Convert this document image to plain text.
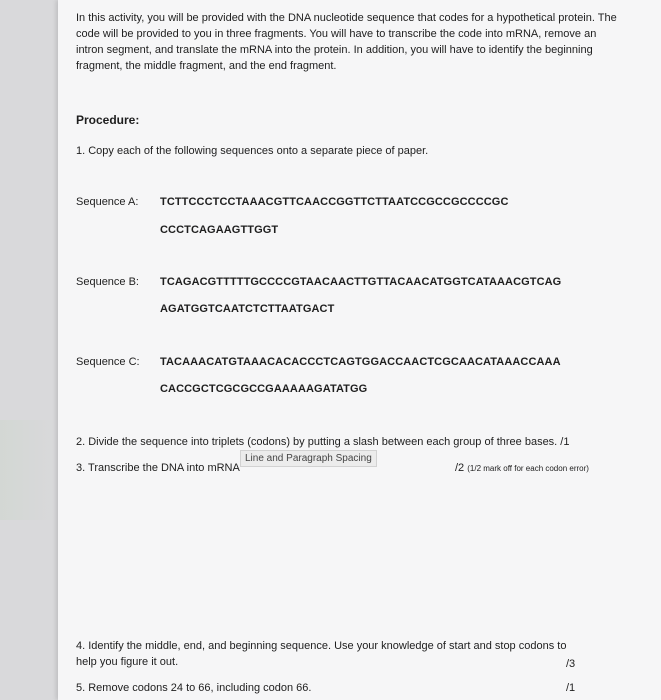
In this activity, you will be provided with the DNA nucleotide sequence that codes for a hypothetical protein. The code will be provided to you in three fragments. You will have to transcribe the code into mRNA, remove an intron segment, and translate the mRNA into the protein. In addition, you will have to identify the beginning fragment, the middle fragment, and the end fragment.
Procedure:
1. Copy each of the following sequences onto a separate piece of paper.
Sequence A: TCTTCCCTCCTAAACGTTCAACCGGTTCTTAATCCGCCGCCCCGC
CCCTCAGAAGTTGGT
Sequence B: TCAGACGTTTTTGCCCCGTAACAACTTGTTACAACATGGTCATAAACGTCAG
AGATGGTCAATCTCTTAATGACT
Sequence C: TACAAACATGTAAACACACCCTCAGTGGACCAACTCGCAACATAAACCAAA
CACCGCTCGCGCCGAAAAAGATATGG
2. Divide the sequence into triplets (codons) by putting a slash between each group of three bases. /1
Line and Paragraph Spacing
3. Transcribe the DNA into mRNA	/2 (1/2 mark off for each codon error)
4. Identify the middle, end, and beginning sequence. Use your knowledge of start and stop codons to
help you figure it out.	/3
5. Remove codons 24 to 66, including codon 66.	/1
